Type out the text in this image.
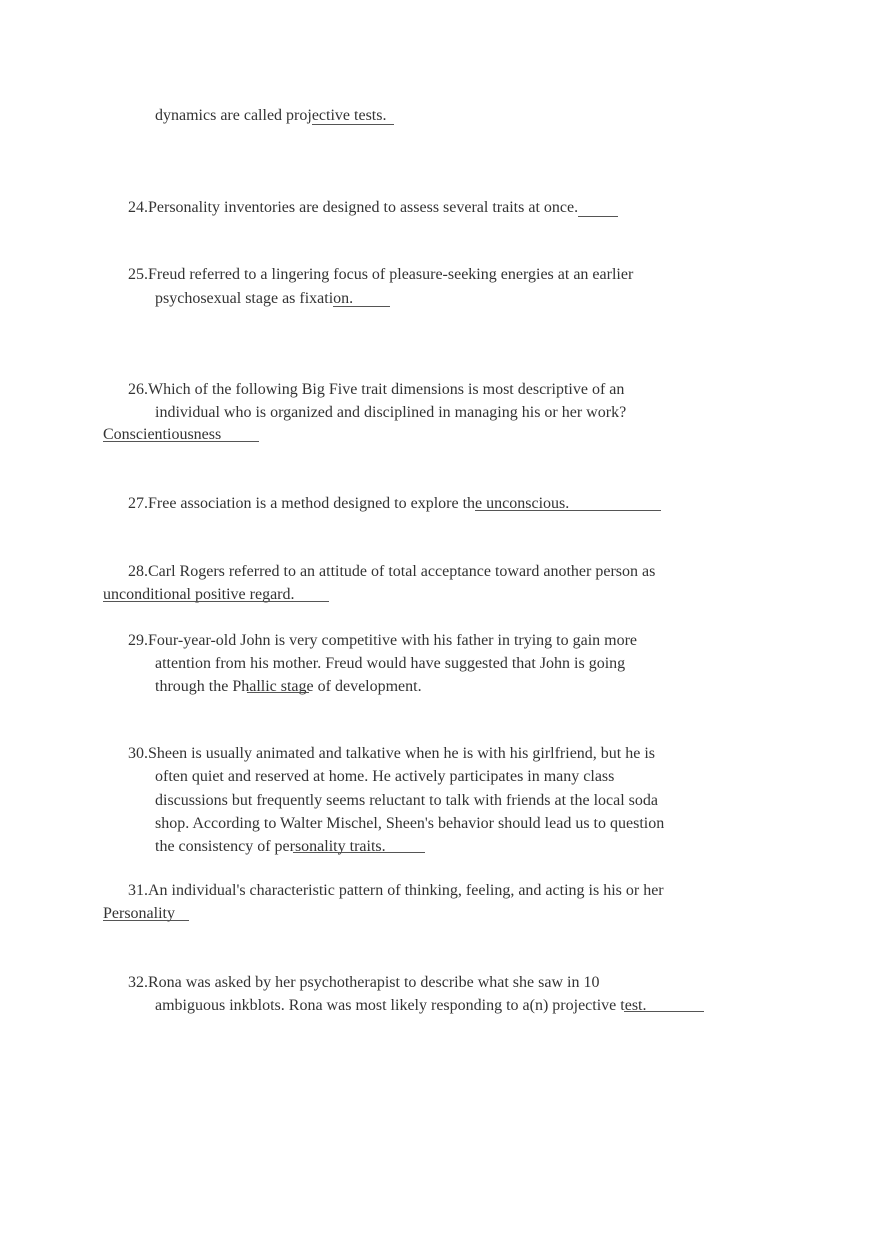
dynamics are called projective tests.
24.Personality inventories are designed to assess several traits at once.
25.Freud referred to a lingering focus of pleasure-seeking energies at an earlier
psychosexual stage as fixation.
26.Which of the following Big Five trait dimensions is most descriptive of an
individual who is organized and disciplined in managing his or her work?
Conscientiousness
27.Free association is a method designed to explore the unconscious.
28.Carl Rogers referred to an attitude of total acceptance toward another person as
unconditional positive regard.
29.Four-year-old John is very competitive with his father in trying to gain more
attention from his mother. Freud would have suggested that John is going
through the Phallic stage of development.
30.Sheen is usually animated and talkative when he is with his girlfriend, but he is
often quiet and reserved at home. He actively participates in many class
discussions but frequently seems reluctant to talk with friends at the local soda
shop. According to Walter Mischel, Sheen's behavior should lead us to question
the consistency of personality traits.
31.An individual's characteristic pattern of thinking, feeling, and acting is his or her
Personality
32.Rona was asked by her psychotherapist to describe what she saw in 10
ambiguous inkblots. Rona was most likely responding to a(n) projective test.
